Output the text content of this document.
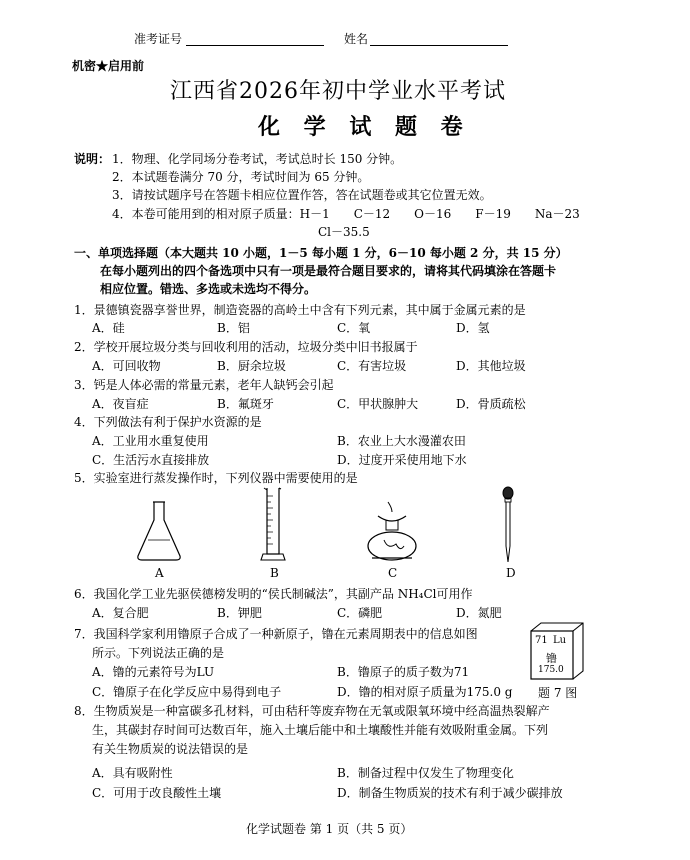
准考证号	姓名
机密★启用前
江西省2026年初中学业水平考试
化 学 试 题 卷
说明： 1．物理、化学同场分卷考试，考试总时长 150 分钟。
2．本试题卷满分 70 分，考试时间为 65 分钟。
3．请按试题序号在答题卡相应位置作答，答在试题卷或其它位置无效。
4．本卷可能用到的相对原子质量：H－1　　C－12　　O－16　　F－19　　Na－23
Cl－35.5
一、单项选择题（本大题共 10 小题，1－5 每小题 1 分，6－10 每小题 2 分，共 15 分）
在每小题列出的四个备选项中只有一项是最符合题目要求的，请将其代码填涂在答题卡
相应位置。错选、多选或未选均不得分。
1．景德镇瓷器享誉世界，制造瓷器的高岭土中含有下列元素，其中属于金属元素的是
A．硅	B．铝	C．氧	D．氢
2．学校开展垃圾分类与回收利用的活动，垃圾分类中旧书报属于
A．可回收物	B．厨余垃圾	C．有害垃圾	D．其他垃圾
3．钙是人体必需的常量元素，老年人缺钙会引起
A．夜盲症	B．氟斑牙	C．甲状腺肿大	D．骨质疏松
4．下列做法有利于保护水资源的是
A．工业用水重复使用	B．农业上大水漫灌农田
C．生活污水直接排放	D．过度开采使用地下水
5．实验室进行蒸发操作时，下列仪器中需要使用的是
A	B	C	D
6．我国化学工业先驱侯德榜发明的“侯氏制碱法”，其副产品 NH₄Cl可用作
A．复合肥	B．钾肥	C．磷肥	D．氮肥
7．我国科学家利用镥原子合成了一种新原子，镥在元素周期表中的信息如图
所示。下列说法正确的是
A．镥的元素符号为LU	B．镥原子的质子数为71
C．镥原子在化学反应中易得到电子	D．镥的相对原子质量为175.0 g
71 Lu
镥
175.0
题 7 图
8．生物质炭是一种富碳多孔材料，可由秸秆等废弃物在无氧或限氧环境中经高温热裂解产
生，其碳封存时间可达数百年，施入土壤后能中和土壤酸性并能有效吸附重金属。下列
有关生物质炭的说法错误的是
A．具有吸附性	B．制备过程中仅发生了物理变化
C．可用于改良酸性土壤	D．制备生物质炭的技术有利于减少碳排放
化学试题卷 第 1 页（共 5 页）
